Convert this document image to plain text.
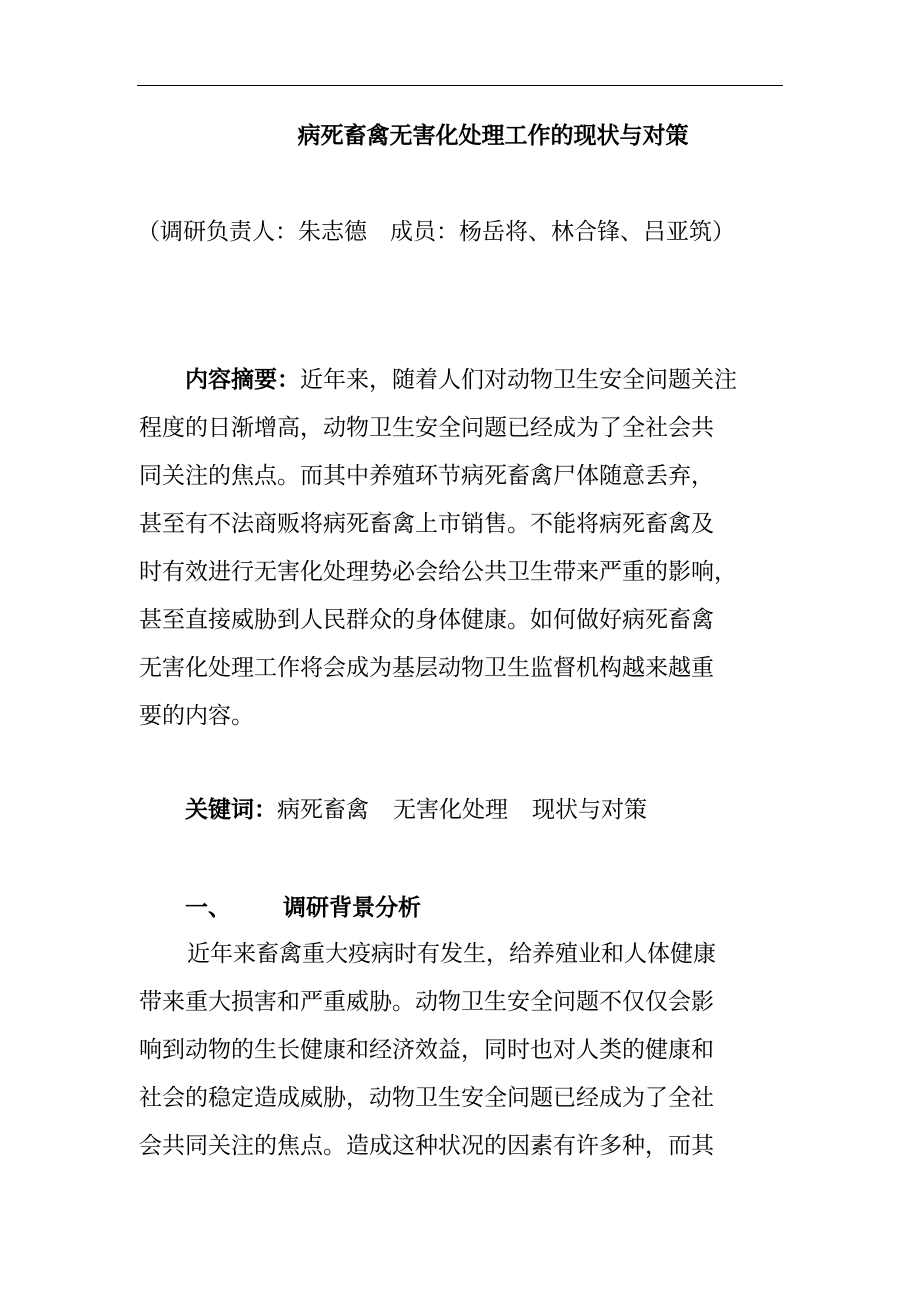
病死畜禽无害化处理工作的现状与对策
（调研负责人：朱志德　成员：杨岳将、林合锋、吕亚筑）
内容摘要：近年来，随着人们对动物卫生安全问题关注
程度的日渐增高，动物卫生安全问题已经成为了全社会共
同关注的焦点。而其中养殖环节病死畜禽尸体随意丢弃，
甚至有不法商贩将病死畜禽上市销售。不能将病死畜禽及
时有效进行无害化处理势必会给公共卫生带来严重的影响，
甚至直接威胁到人民群众的身体健康。如何做好病死畜禽
无害化处理工作将会成为基层动物卫生监督机构越来越重
要的内容。
关键词：病死畜禽 无害化处理 现状与对策
一、 调研背景分析
近年来畜禽重大疫病时有发生，给养殖业和人体健康
带来重大损害和严重威胁。动物卫生安全问题不仅仅会影
响到动物的生长健康和经济效益，同时也对人类的健康和
社会的稳定造成威胁，动物卫生安全问题已经成为了全社
会共同关注的焦点。造成这种状况的因素有许多种，而其
